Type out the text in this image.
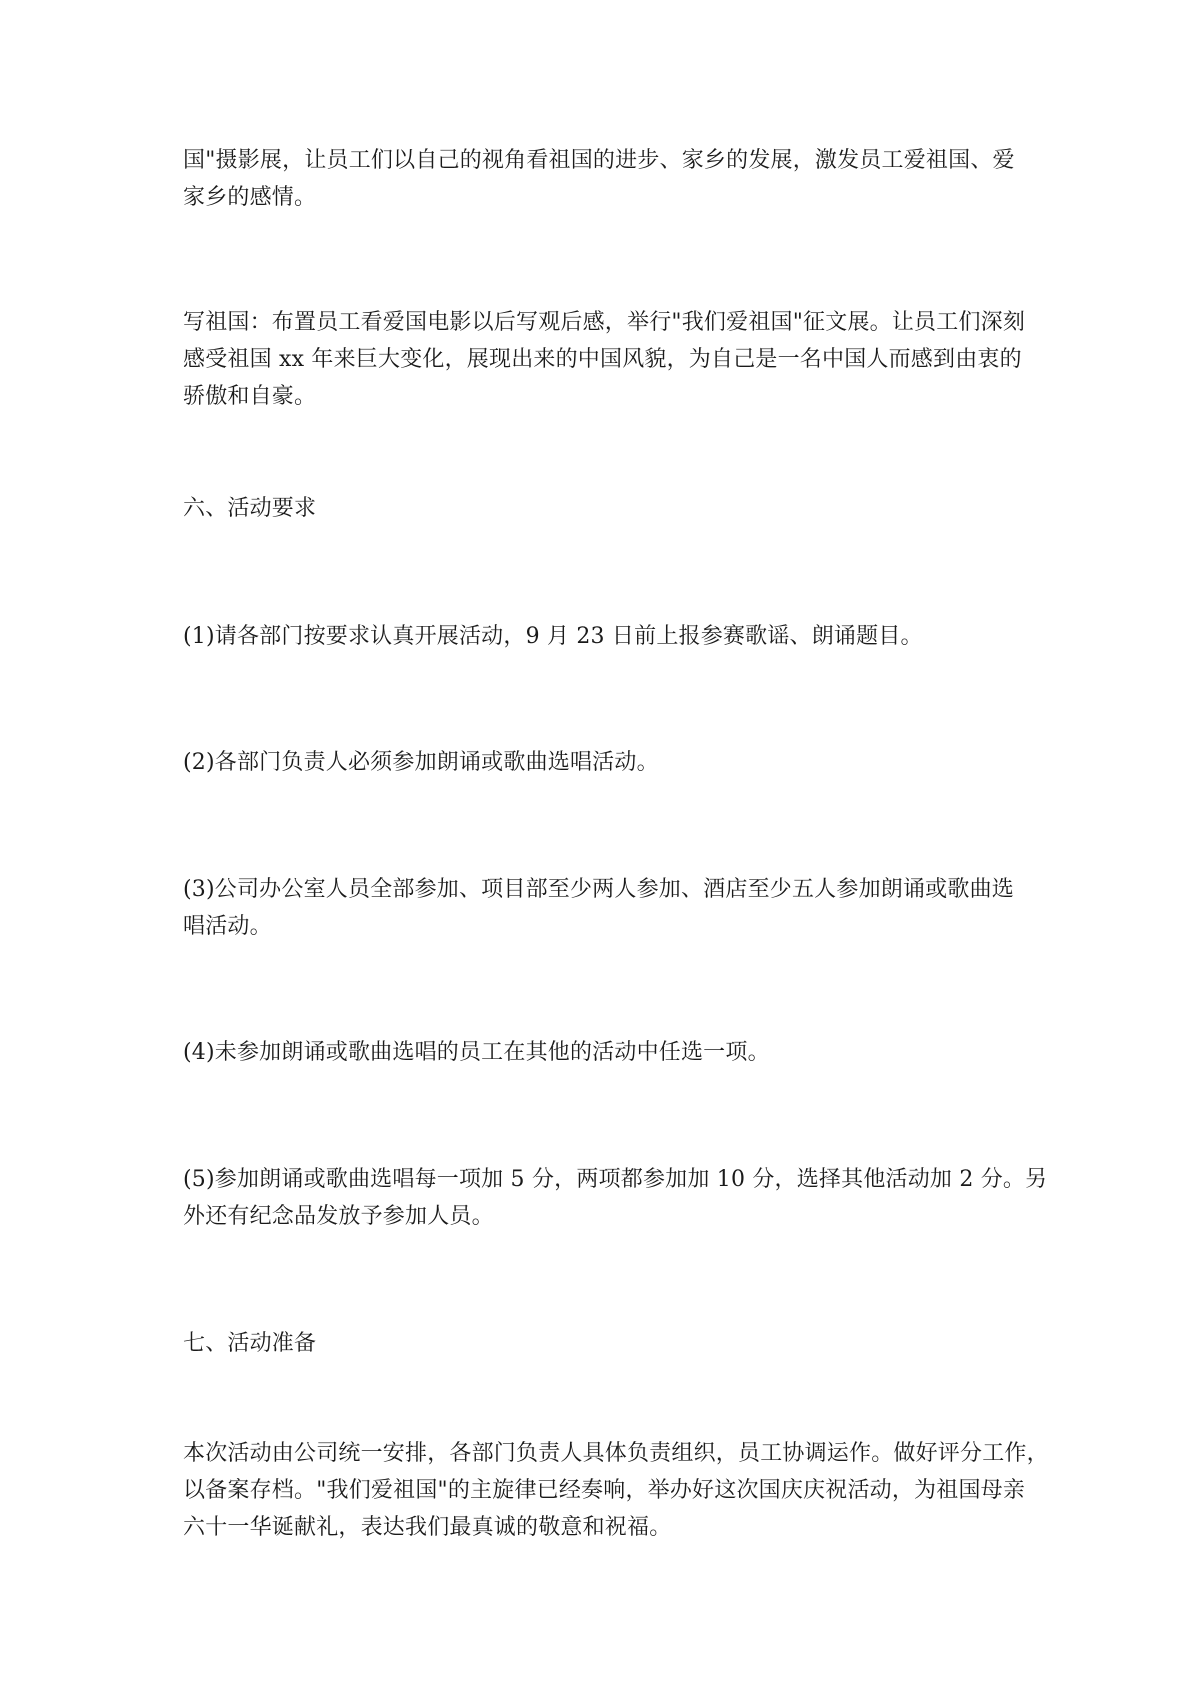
国"摄影展，让员工们以自己的视角看祖国的进步、家乡的发展，激发员工爱祖国、爱
家乡的感情。

写祖国：布置员工看爱国电影以后写观后感，举行"我们爱祖国"征文展。让员工们深刻
感受祖国 xx 年来巨大变化，展现出来的中国风貌，为自己是一名中国人而感到由衷的
骄傲和自豪。

六、活动要求

(1)请各部门按要求认真开展活动，9 月 23 日前上报参赛歌谣、朗诵题目。

(2)各部门负责人必须参加朗诵或歌曲选唱活动。

(3)公司办公室人员全部参加、项目部至少两人参加、酒店至少五人参加朗诵或歌曲选
唱活动。

(4)未参加朗诵或歌曲选唱的员工在其他的活动中任选一项。

(5)参加朗诵或歌曲选唱每一项加 5 分，两项都参加加 10 分，选择其他活动加 2 分。另
外还有纪念品发放予参加人员。

七、活动准备

本次活动由公司统一安排，各部门负责人具体负责组织，员工协调运作。做好评分工作，
以备案存档。"我们爱祖国"的主旋律已经奏响，举办好这次国庆庆祝活动，为祖国母亲
六十一华诞献礼，表达我们最真诚的敬意和祝福。
